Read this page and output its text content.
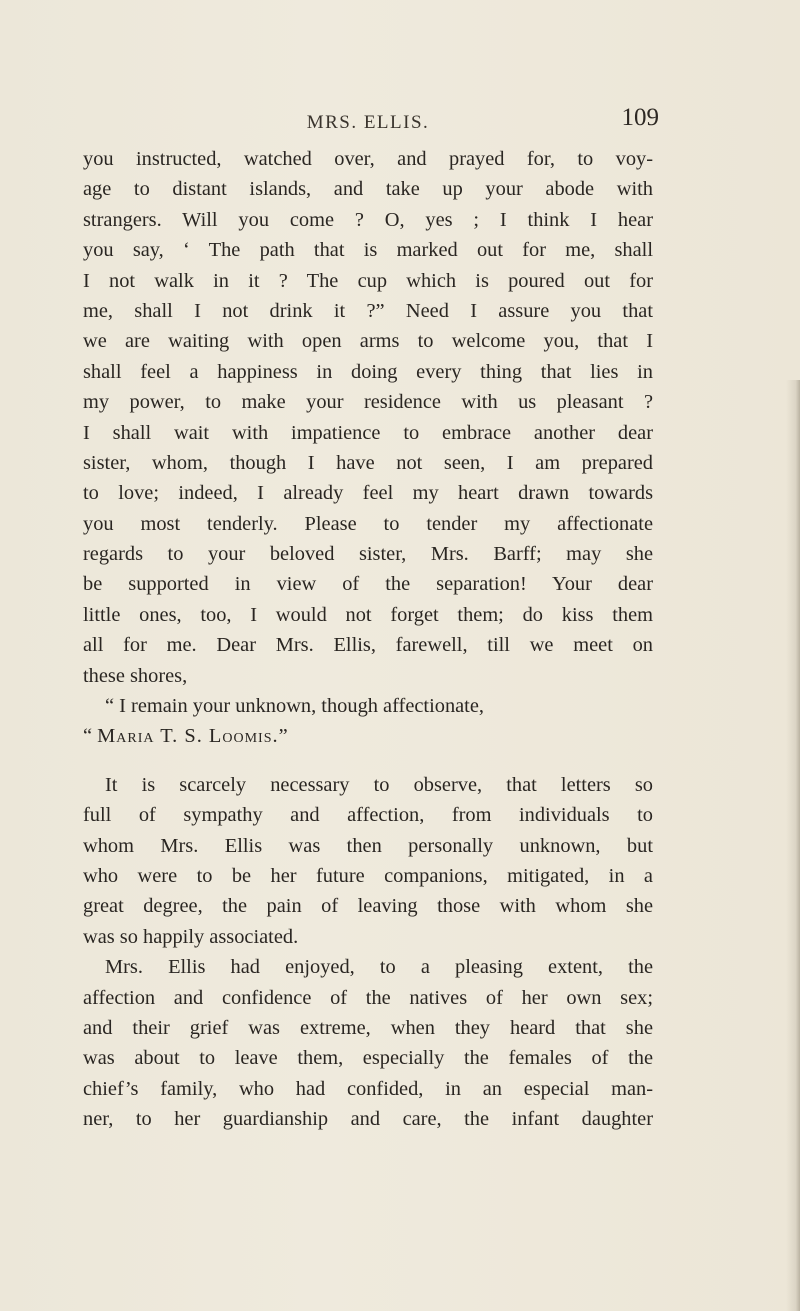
MRS. ELLIS.	109
you instructed, watched over, and prayed for, to voy-
age to distant islands, and take up your abode with
strangers. Will you come ? O, yes ; I think I hear
you say, ‘ The path that is marked out for me, shall
I not walk in it ? The cup which is poured out for
me, shall I not drink it ?” Need I assure you that
we are waiting with open arms to welcome you, that I
shall feel a happiness in doing every thing that lies in
my power, to make your residence with us pleasant ?
I shall wait with impatience to embrace another dear
sister, whom, though I have not seen, I am prepared
to love; indeed, I already feel my heart drawn towards
you most tenderly. Please to tender my affectionate
regards to your beloved sister, Mrs. Barff; may she
be supported in view of the separation! Your dear
little ones, too, I would not forget them; do kiss them
all for me. Dear Mrs. Ellis, farewell, till we meet on
these shores,
“ I remain your unknown, though affectionate,
“ Maria T. S. Loomis.”
It is scarcely necessary to observe, that letters so
full of sympathy and affection, from individuals to
whom Mrs. Ellis was then personally unknown, but
who were to be her future companions, mitigated, in a
great degree, the pain of leaving those with whom she
was so happily associated.
Mrs. Ellis had enjoyed, to a pleasing extent, the
affection and confidence of the natives of her own sex;
and their grief was extreme, when they heard that she
was about to leave them, especially the females of the
chief’s family, who had confided, in an especial man-
ner, to her guardianship and care, the infant daughter
